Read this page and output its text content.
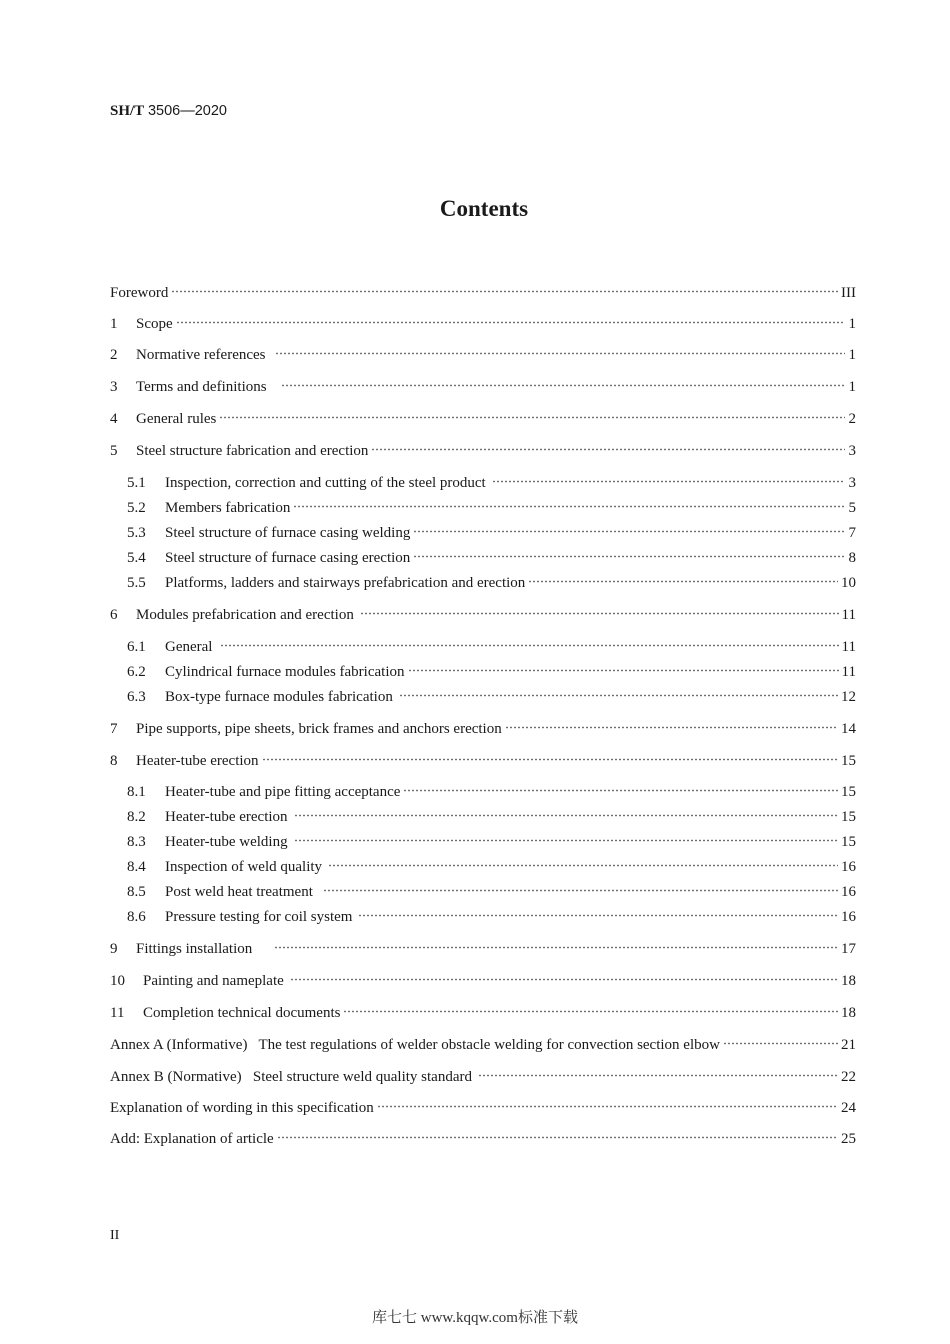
SH/T 3506—2020
Contents
Foreword	III
1	Scope	1
2	Normative references	1
3	Terms and definitions	1
4	General rules	2
5	Steel structure fabrication and erection	3
5.1	Inspection, correction and cutting of the steel product	3
5.2	Members fabrication	5
5.3	Steel structure of furnace casing welding	7
5.4	Steel structure of furnace casing erection	8
5.5	Platforms, ladders and stairways prefabrication and erection	10
6	Modules prefabrication and erection	11
6.1	General	11
6.2	Cylindrical furnace modules fabrication	11
6.3	Box-type furnace modules fabrication	12
7	Pipe supports, pipe sheets, brick frames and anchors erection	14
8	Heater-tube erection	15
8.1	Heater-tube and pipe fitting acceptance	15
8.2	Heater-tube erection	15
8.3	Heater-tube welding	15
8.4	Inspection of weld quality	16
8.5	Post weld heat treatment	16
8.6	Pressure testing for coil system	16
9	Fittings installation	17
10	Painting and nameplate	18
11	Completion technical documents	18
Annex A (Informative)   The test regulations of welder obstacle welding for convection section elbow	21
Annex B (Normative)   Steel structure weld quality standard	22
Explanation of wording in this specification	24
Add: Explanation of article	25
II
库七七 www.kqqw.com标准下载
